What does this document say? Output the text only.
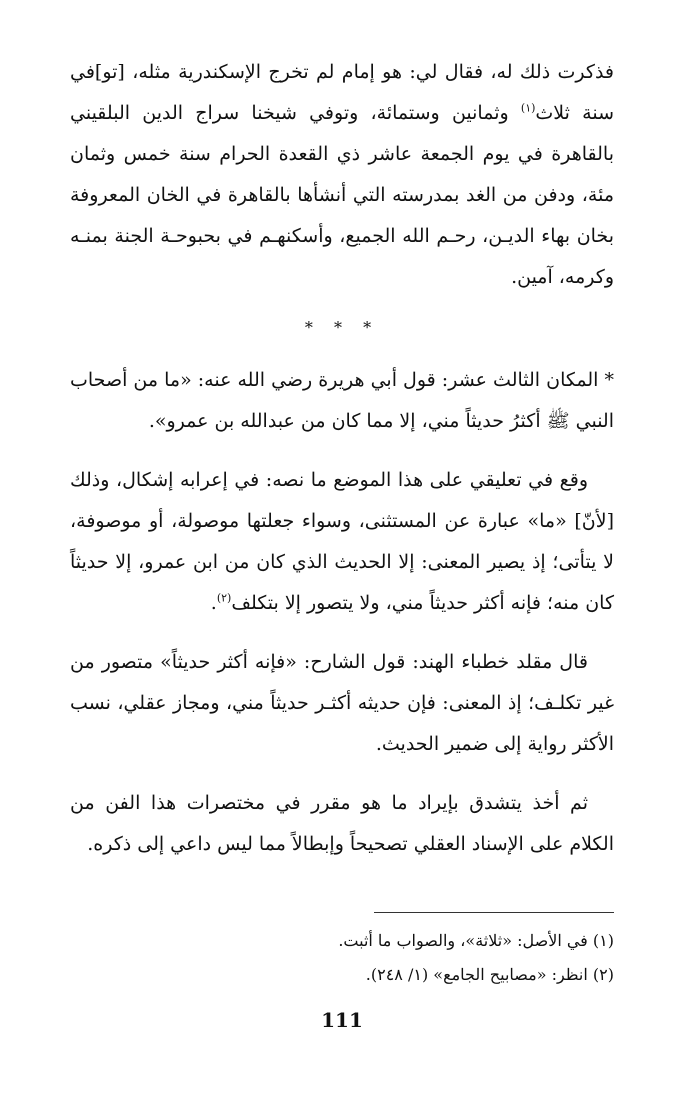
فذكرت ذلك له، فقال لي: هو إمام لم تخرج الإسكندرية مثله، [تو]في سنة ثلاث$^{(١)}$ وثمانين وستمائة، وتوفي شيخنا سراج الدين البلقيني بالقاهرة في يوم الجمعة عاشر ذي القعدة الحرام سنة خمس وثمان مئة، ودفن من الغد بمدرسته التي أنشأها بالقاهرة في الخان المعروفة بخان بهاء الديـن، رحـم الله الجميع، وأسكنهـم في بحبوحـة الجنة بمنـه وكرمه، آمين.

* * *

* المكان الثالث عشر: قول أبي هريرة رضي الله عنه: «ما من أصحاب النبي ﷺ أكثرُ حديثاً مني، إلا مما كان من عبدالله بن عمرو».

وقع في تعليقي على هذا الموضع ما نصه: في إعرابه إشكال، وذلك [لأنّ] «ما» عبارة عن المستثنى، وسواء جعلتها موصولة، أو موصوفة، لا يتأتى؛ إذ يصير المعنى: إلا الحديث الذي كان من ابن عمرو، إلا حديثاً كان منه؛ فإنه أكثر حديثاً مني، ولا يتصور إلا بتكلف$^{(٢)}$.

قال مقلد خطباء الهند: قول الشارح: «فإنه أكثر حديثاً» متصور من غير تكلـف؛ إذ المعنى: فإن حديثه أكثـر حديثاً مني، ومجاز عقلي، نسب الأكثر رواية إلى ضمير الحديث.

ثم أخذ يتشدق بإيراد ما هو مقرر في مختصرات هذا الفن من الكلام على الإسناد العقلي تصحيحاً وإبطالاً مما ليس داعي إلى ذكره.

(١) في الأصل: «ثلاثة»، والصواب ما أثبت.

(٢) انظر: «مصابيح الجامع» (١/ ٢٤٨).

111
